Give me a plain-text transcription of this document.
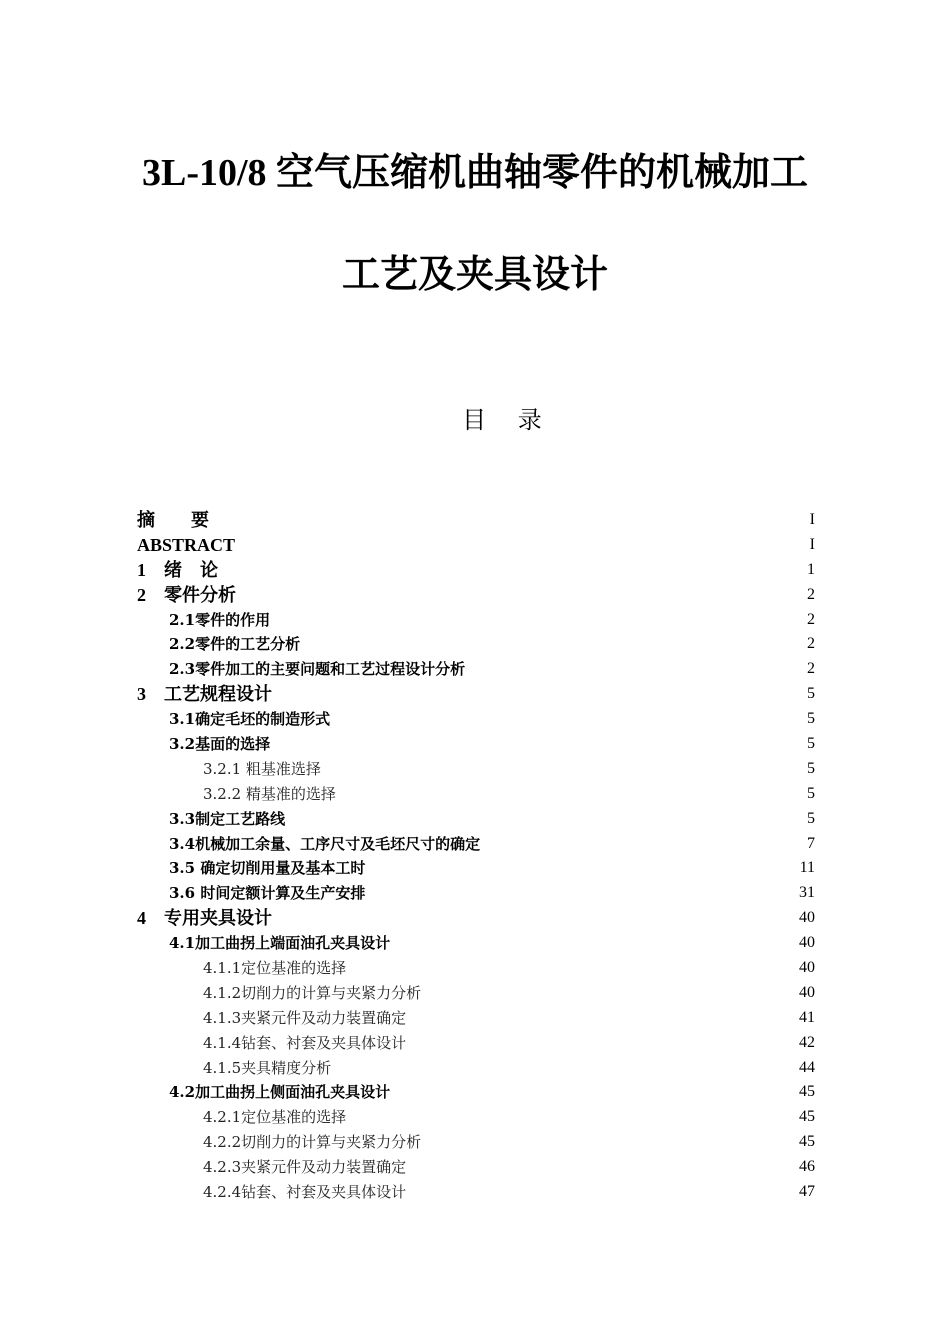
3L-10/8 空气压缩机曲轴零件的机械加工
工艺及夹具设计
目 录
摘　　要	I
ABSTRACT	I
1　绪　论	1
2　零件分析	2
2.1零件的作用	2
2.2零件的工艺分析	2
2.3零件加工的主要问题和工艺过程设计分析	2
3　工艺规程设计	5
3.1确定毛坯的制造形式	5
3.2基面的选择	5
3.2.1 粗基准选择	5
3.2.2 精基准的选择	5
3.3制定工艺路线	5
3.4机械加工余量、工序尺寸及毛坯尺寸的确定	7
3.5 确定切削用量及基本工时	11
3.6 时间定额计算及生产安排	31
4　专用夹具设计	40
4.1加工曲拐上端面油孔夹具设计	40
4.1.1定位基准的选择	40
4.1.2切削力的计算与夹紧力分析	40
4.1.3夹紧元件及动力装置确定	41
4.1.4钻套、衬套及夹具体设计	42
4.1.5夹具精度分析	44
4.2加工曲拐上侧面油孔夹具设计	45
4.2.1定位基准的选择	45
4.2.2切削力的计算与夹紧力分析	45
4.2.3夹紧元件及动力装置确定	46
4.2.4钻套、衬套及夹具体设计	47
